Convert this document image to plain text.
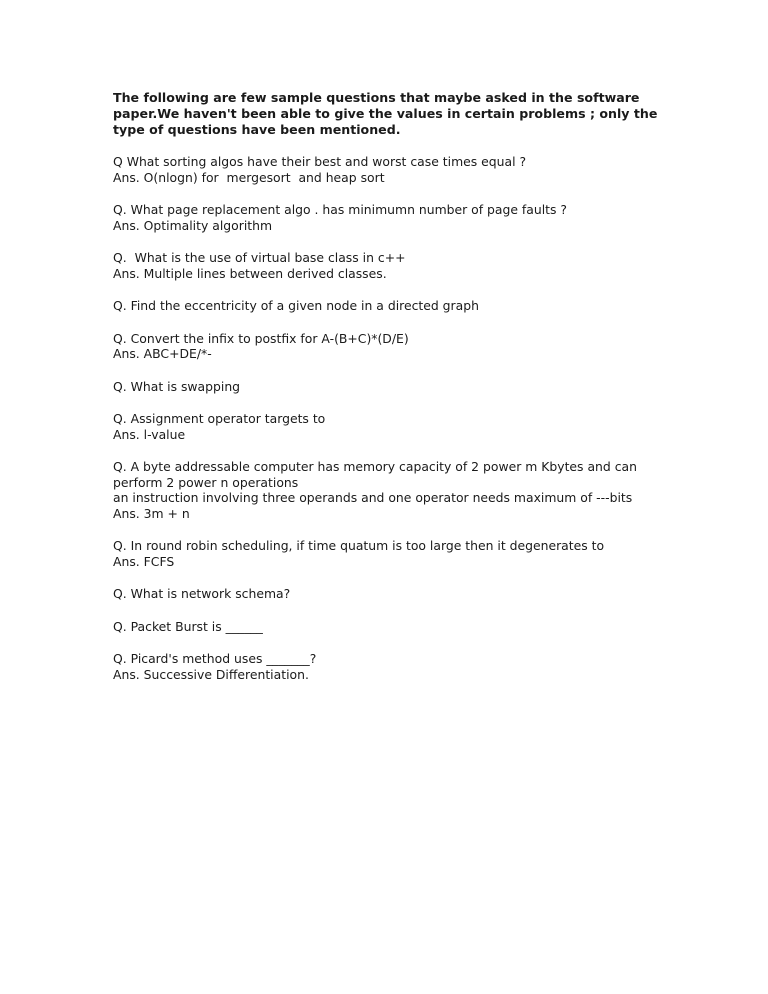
The following are few sample questions that maybe asked in the software paper.We haven't been able to give the values in certain problems ; only the type of questions have been mentioned.

Q What sorting algos have their best and worst case times equal ?
Ans. O(nlogn) for  mergesort  and heap sort
Q. What page replacement algo . has minimumn number of page faults ?
Ans. Optimality algorithm
Q.  What is the use of virtual base class in c++
Ans. Multiple lines between derived classes.
Q. Find the eccentricity of a given node in a directed graph
Q. Convert the infix to postfix for A-(B+C)*(D/E)
Ans. ABC+DE/*-
Q. What is swapping
Q. Assignment operator targets to
Ans. l-value
Q. A byte addressable computer has memory capacity of 2 power m Kbytes and can perform 2 power n operations
an instruction involving three operands and one operator needs maximum of ---bits
Ans. 3m + n
Q. In round robin scheduling, if time quatum is too large then it degenerates to
Ans. FCFS
Q. What is network schema?
Q. Packet Burst is ______
Q. Picard's method uses _______?
Ans. Successive Differentiation.
